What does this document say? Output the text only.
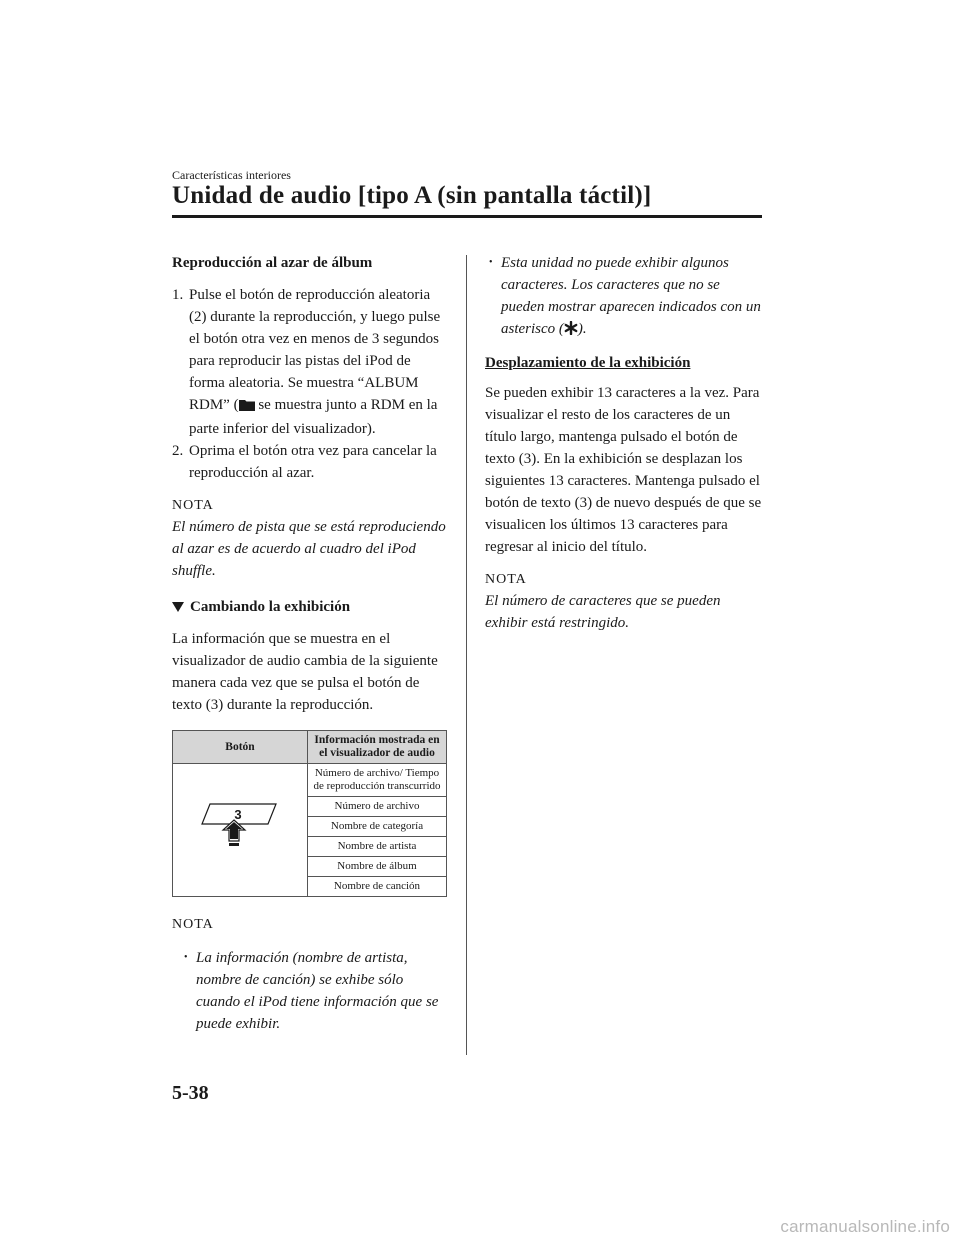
Características interiores
Unidad de audio [tipo A (sin pantalla táctil)]

Reproducción al azar de álbum

1. Pulse el botón de reproducción aleatoria (2) durante la reproducción, y luego pulse el botón otra vez en menos de 3 segundos para reproducir las pistas del iPod de forma aleatoria. Se muestra “ALBUM RDM” ( se muestra junto a RDM en la parte inferior del visualizador).
2. Oprima el botón otra vez para cancelar la reproducción al azar.
NOTA
El número de pista que se está reproduciendo al azar es de acuerdo al cuadro del iPod shuffle.
Cambiando la exhibición

La información que se muestra en el visualizador de audio cambia de la siguiente manera cada vez que se pulsa el botón de texto (3) durante la reproducción.

Botón	Información mostrada en el visualizador de audio

3	Número de archivo/ Tiempo de reproducción transcurrido
	Número de archivo
	Nombre de categoría
	Nombre de artista
	Nombre de álbum
	Nombre de canción
NOTA
• La información (nombre de artista, nombre de canción) se exhibe sólo cuando el iPod tiene información que se puede exhibir.
• Esta unidad no puede exhibir algunos caracteres. Los caracteres que no se pueden mostrar aparecen indicados con un asterisco ( ).
Desplazamiento de la exhibición

Se pueden exhibir 13 caracteres a la vez. Para visualizar el resto de los caracteres de un título largo, mantenga pulsado el botón de texto (3). En la exhibición se desplazan los siguientes 13 caracteres. Mantenga pulsado el botón de texto (3) de nuevo después de que se visualicen los últimos 13 caracteres para regresar al inicio del título.

NOTA
El número de caracteres que se pueden exhibir está restringido.
5-38
carmanualsonline.info
